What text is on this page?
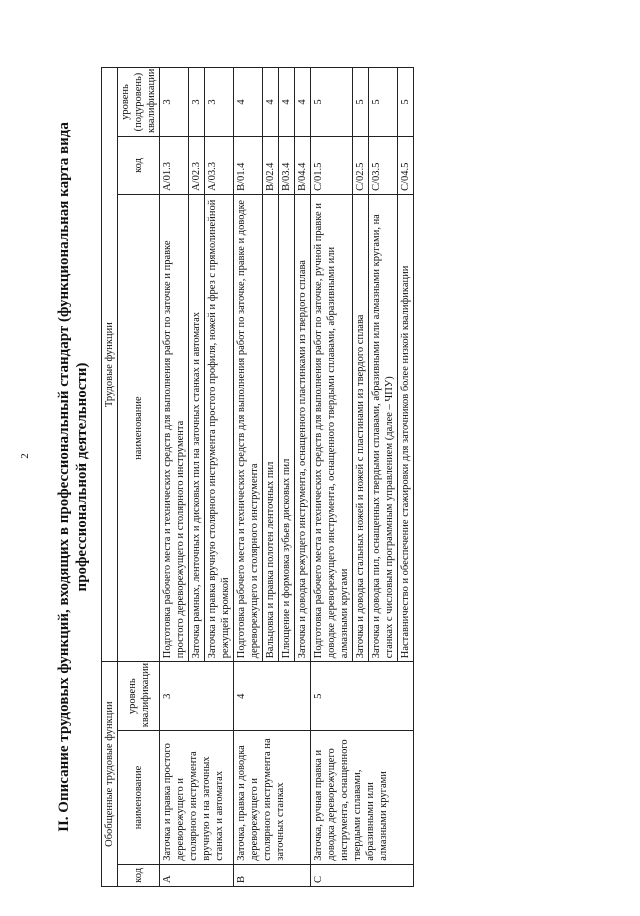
2 II. Описание трудовых функций, входящих в профессиональный стандарт (функциональная карта вида профессиональной деятельности)
Обобщенные трудовые функции			Трудовые функции		
код	наименование	уровень квалификации	наименование	код	уровень (подуровень) квалификации
A	Заточка и правка простого дереворежущего и столярного инструмента вручную и на заточных станках и автоматах	3	Подготовка рабочего места и технических средств для выполнения работ по заточке и правке простого дереворежущего и столярного инструмента	A/01.3	3
			Заточка рамных, ленточных и дисковых пил на заточных станках и автоматах	A/02.3	3
			Заточка и правка вручную столярного инструмента простого профиля, ножей и фрез с прямолинейной режущей кромкой	A/03.3	3
B	Заточка, правка и доводка дереворежущего и столярного инструмента на заточных станках	4	Подготовка рабочего места и технических средств для выполнения работ по заточке, правке и доводке дереворежущего и столярного инструмента	B/01.4	4
			Вальцовка и правка полотен ленточных пил	B/02.4	4
			Плющение и формовка зубьев дисковых пил	B/03.4	4
			Заточка и доводка режущего инструмента, оснащенного пластинками из твердого сплава	B/04.4	4
C	Заточка, ручная правка и доводка дереворежущего инструмента, оснащенного твердыми сплавами, абразивными или алмазными кругами	5	Подготовка рабочего места и технических средств для выполнения работ по заточке, ручной правке и доводке дереворежущего инструмента, оснащенного твердыми сплавами, абразивными или алмазными кругами	C/01.5	5
			Заточка и доводка стальных ножей и ножей с пластинами из твердого сплава	C/02.5	5
			Заточка и доводка пил, оснащенных твердыми сплавами, абразивными или алмазными кругами, на станках с числовым программным управлением (далее – ЧПУ)	C/03.5	5
			Наставничество и обеспечение стажировки для заточников более низкой квалификации	C/04.5	5
